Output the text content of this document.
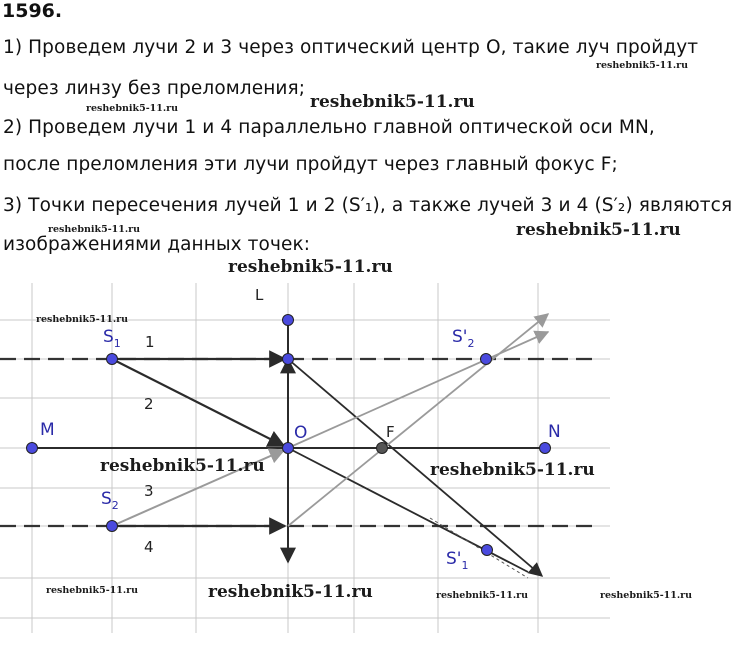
1596.
1) Проведем лучи 2 и 3 через оптический центр O, такие луч пройдут
через линзу без преломления;
2) Проведем лучи 1 и 4 параллельно главной оптической оси MN,
после преломления эти лучи пройдут через главный фокус F;
3) Точки пересечения лучей 1 и 2 (S′₁), а также лучей 3 и 4 (S′₂) являются
изображениями данных точек:
reshebnik5-11.ru
reshebnik5-11.ru	reshebnik5-11.ru
reshebnik5-11.ru	reshebnik5-11.ru
L
M	N
O	F
$S_1$
$S_2$
$S'_2$
$S'_1$
1
2
3
4
reshebnik5-11.ru
reshebnik5-11.ru
reshebnik5-11.ru	reshebnik5-11.ru
reshebnik5-11.ru	reshebnik5-11.ru	reshebnik5-11.ru	reshebnik5-11.ru
